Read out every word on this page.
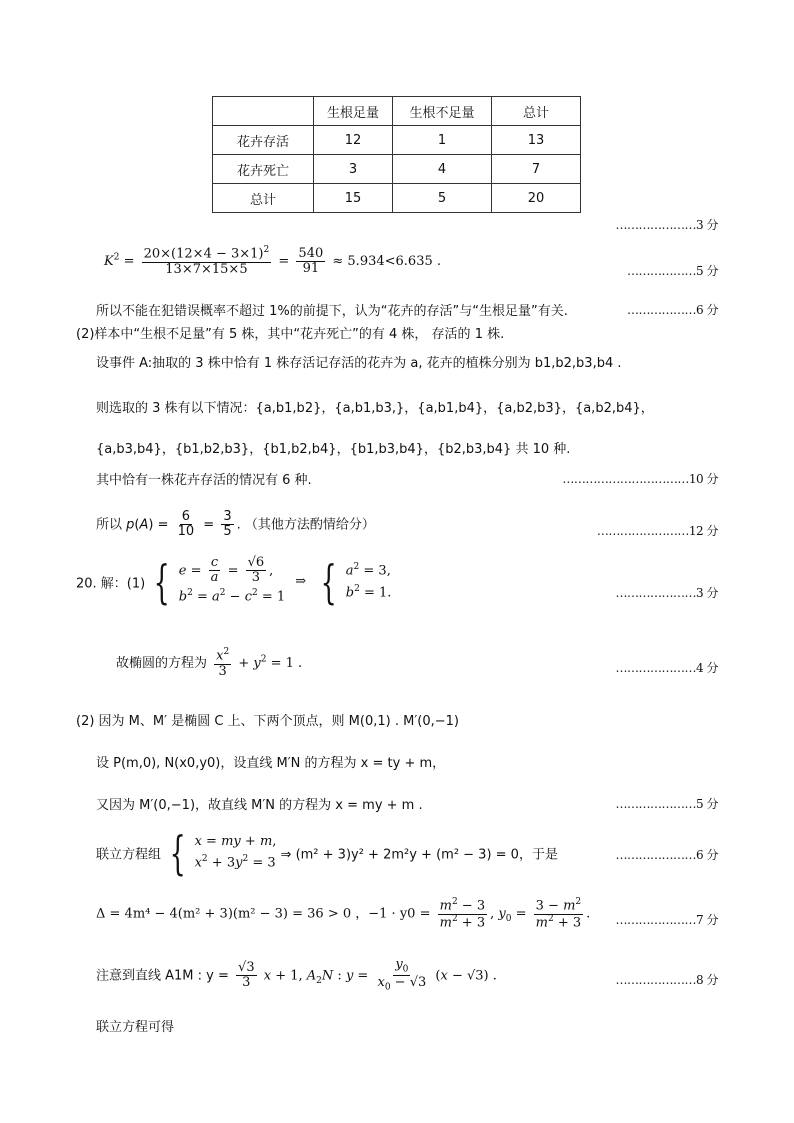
	生根足量	生根不足量	总计
花卉存活	12	1	13
花卉死亡	3	4	7
总计	15	5	20
…………………3 分
$K^2 = \frac{20\times(12\times 4 - 3\times 1)^2}{13\times 7\times 15\times 5} = \frac{540}{91} \approx 5.934<6.635$ .
………………5 分
所以不能在犯错误概率不超过 1%的前提下，认为“花卉的存活”与“生根足量”有关.	………………6 分
(2)样本中“生根不足量”有 5 株，其中“花卉死亡”的有 4 株， 存活的 1 株.
设事件 A:抽取的 3 株中恰有 1 株存活记存活的花卉为 a, 花卉的植株分别为 b1,b2,b3,b4 .
则选取的 3 株有以下情况：{a,b1,b2}，{a,b1,b3,}，{a,b1,b4}，{a,b2,b3}，{a,b2,b4}，
{a,b3,b4}，{b1,b2,b3}，{b1,b2,b4}，{b1,b3,b4}，{b2,b3,b4} 共 10 种.
其中恰有一株花卉存活的情况有 6 种.	……………………………10 分
所以 $p(A) = \frac{6}{10} = \frac{3}{5}$ . （其他方法酌情给分）	……………………12 分
20. 解：(1) { $e = \frac{c}{a} = \frac{√6}{3}$ ,
$b^2 = a^2 - c^2 = 1$
⇒ { $a^2 = 3$,
$b^2 = 1$.	…………………3 分
故椭圆的方程为 $\frac{x^2}{3} + y^2 = 1$ .	…………………4 分
(2) 因为 M、M′ 是椭圆 C 上、下两个顶点，则 M(0,1) . M′(0,−1)
设 P(m,0), N(x0,y0)，设直线 M′N 的方程为 x = ty + m，
又因为 M′(0,−1)，故直线 M′N 的方程为 x = my + m .	…………………5 分
联立方程组 { x = my + m,
$x^2 + 3y^2 = 3$
⇒ (m² + 3)y² + 2m²y + (m² − 3) = 0，于是	…………………6 分
Δ = 4m⁴ − 4(m² + 3)(m² − 3) = 36 > 0 ，$-1 \cdot y0 = \frac{m^2 - 3}{m^2 + 3}$ , $y_0 = \frac{3 - m^2}{m^2 + 3}$ . …………………7 分
注意到直线 A1M : $y = \frac{√3}{3}$ x + 1, $A_2N$ : $y = \frac{y_0}{x_0 - √3} (x - √3)$ .	…………………8 分
联立方程可得
